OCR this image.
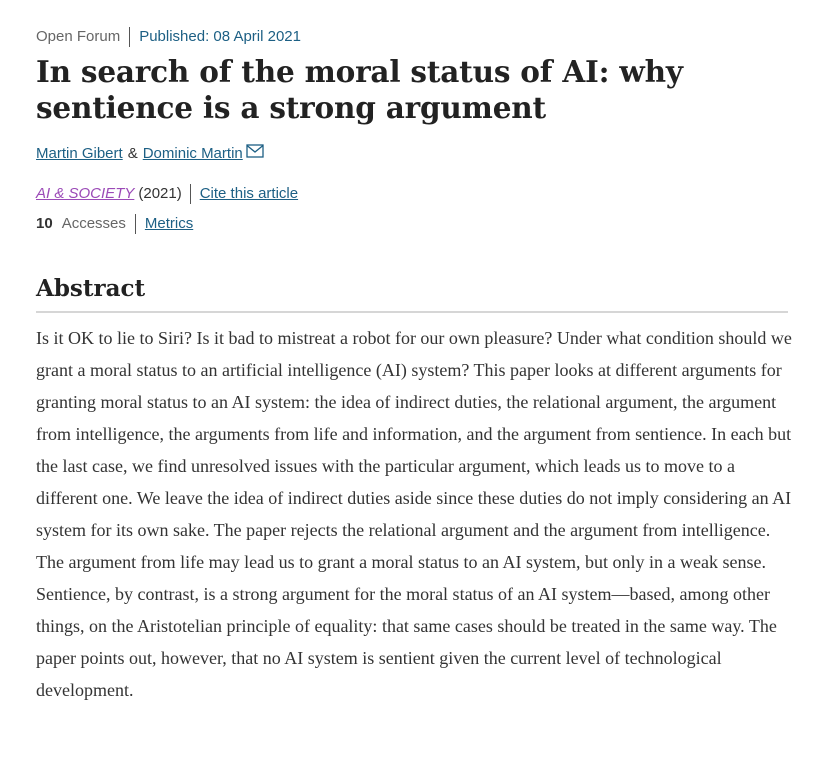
Open Forum Published: 08 April 2021
In search of the moral status of AI: why sentience is a strong argument
Martin Gibert & Dominic Martin
AI & SOCIETY (2021) Cite this article
10 Accesses Metrics
Abstract

Is it OK to lie to Siri? Is it bad to mistreat a robot for our own pleasure? Under what condition should we grant a moral status to an artificial intelligence (AI) system? This paper looks at different arguments for granting moral status to an AI system: the idea of indirect duties, the relational argument, the argument from intelligence, the arguments from life and information, and the argument from sentience. In each but the last case, we find unresolved issues with the particular argument, which leads us to move to a different one. We leave the idea of indirect duties aside since these duties do not imply considering an AI system for its own sake. The paper rejects the relational argument and the argument from intelligence. The argument from life may lead us to grant a moral status to an AI system, but only in a weak sense. Sentience, by contrast, is a strong argument for the moral status of an AI system—based, among other things, on the Aristotelian principle of equality: that same cases should be treated in the same way. The paper points out, however, that no AI system is sentient given the current level of technological development.
